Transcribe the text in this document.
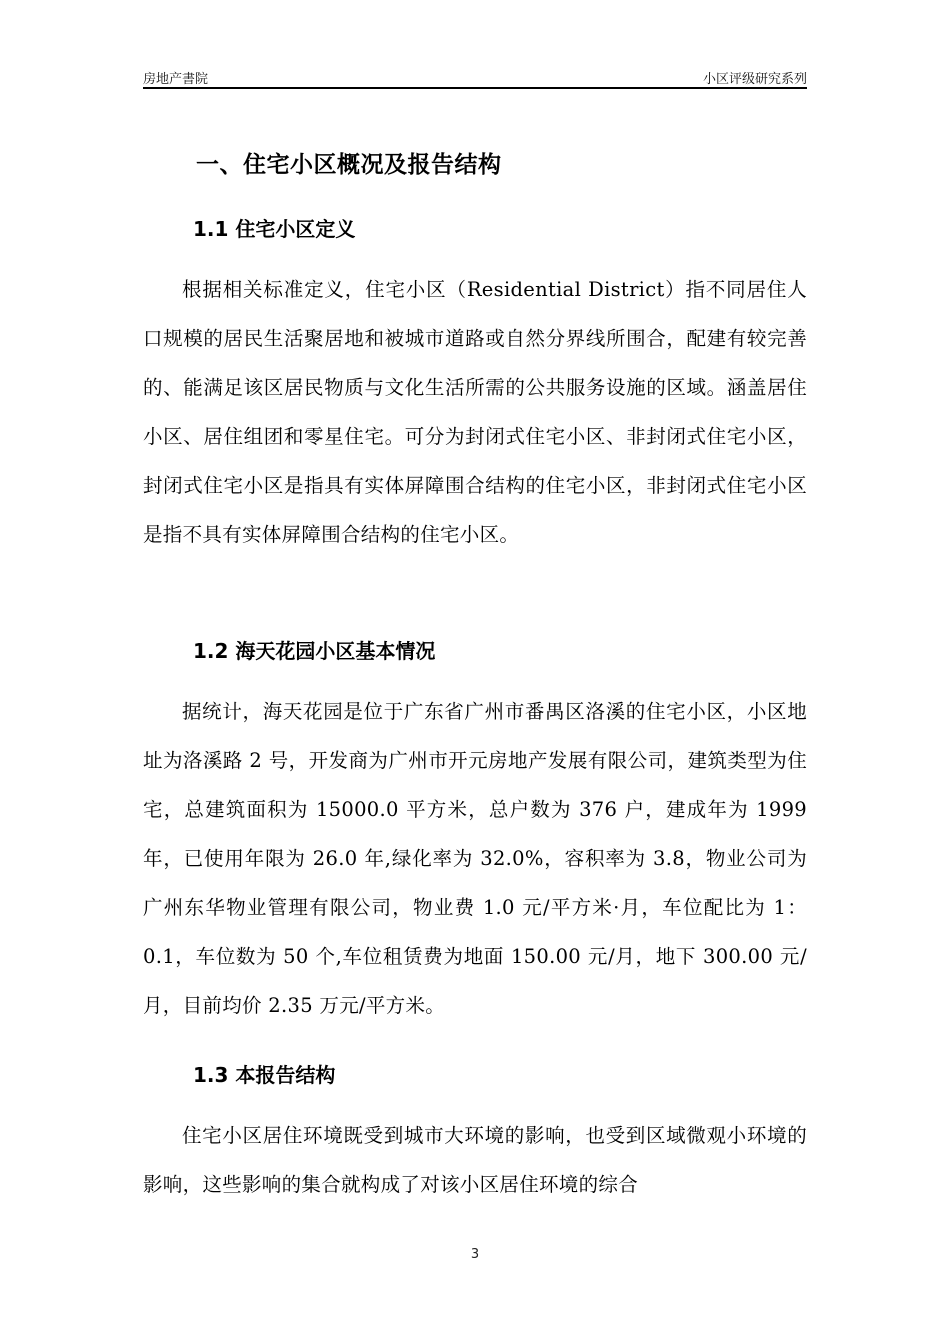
房地产書院	小区评级研究系列
一、住宅小区概况及报告结构
1.1 住宅小区定义
根据相关标准定义，住宅小区（Residential District）指不同居住人口规模的居民生活聚居地和被城市道路或自然分界线所围合，配建有较完善的、能满足该区居民物质与文化生活所需的公共服务设施的区域。涵盖居住小区、居住组团和零星住宅。可分为封闭式住宅小区、非封闭式住宅小区，封闭式住宅小区是指具有实体屏障围合结构的住宅小区，非封闭式住宅小区是指不具有实体屏障围合结构的住宅小区。
1.2 海天花园小区基本情况
据统计，海天花园是位于广东省广州市番禺区洛溪的住宅小区，小区地址为洛溪路 2 号，开发商为广州市开元房地产发展有限公司，建筑类型为住宅，总建筑面积为 15000.0 平方米，总户数为 376 户，建成年为 1999 年，已使用年限为 26.0 年,绿化率为 32.0%，容积率为 3.8，物业公司为广州东华物业管理有限公司，物业费 1.0 元/平方米·月，车位配比为 1：0.1，车位数为 50 个,车位租赁费为地面 150.00 元/月，地下 300.00 元/月，目前均价 2.35 万元/平方米。
1.3 本报告结构
住宅小区居住环境既受到城市大环境的影响，也受到区域微观小环境的影响，这些影响的集合就构成了对该小区居住环境的综合
3
